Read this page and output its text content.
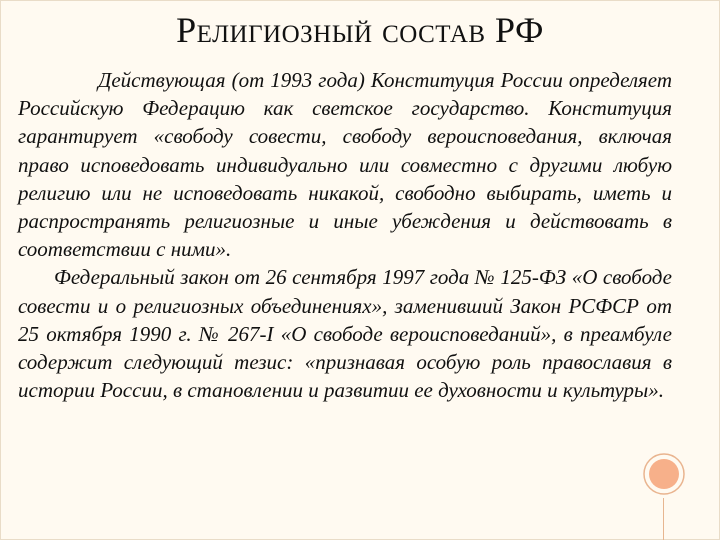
Религиозный состав РФ

Действующая (от 1993 года) Конституция России определяет Российскую Федерацию как светское государство. Конституция гарантирует «свободу совести, свободу вероисповедания, включая право исповедовать индивидуально или совместно с другими любую религию или не исповедовать никакой, свободно выбирать, иметь и распространять религиозные и иные убеждения и действовать в соответствии с ними».

Федеральный закон от 26 сентября 1997 года № 125-ФЗ «О свободе совести и о религиозных объединениях», заменивший Закон РСФСР от 25 октября 1990 г. № 267-I «О свободе вероисповеданий», в преамбуле содержит следующий тезис: «признавая особую роль православия в истории России, в становлении и развитии ее духовности и культуры».
